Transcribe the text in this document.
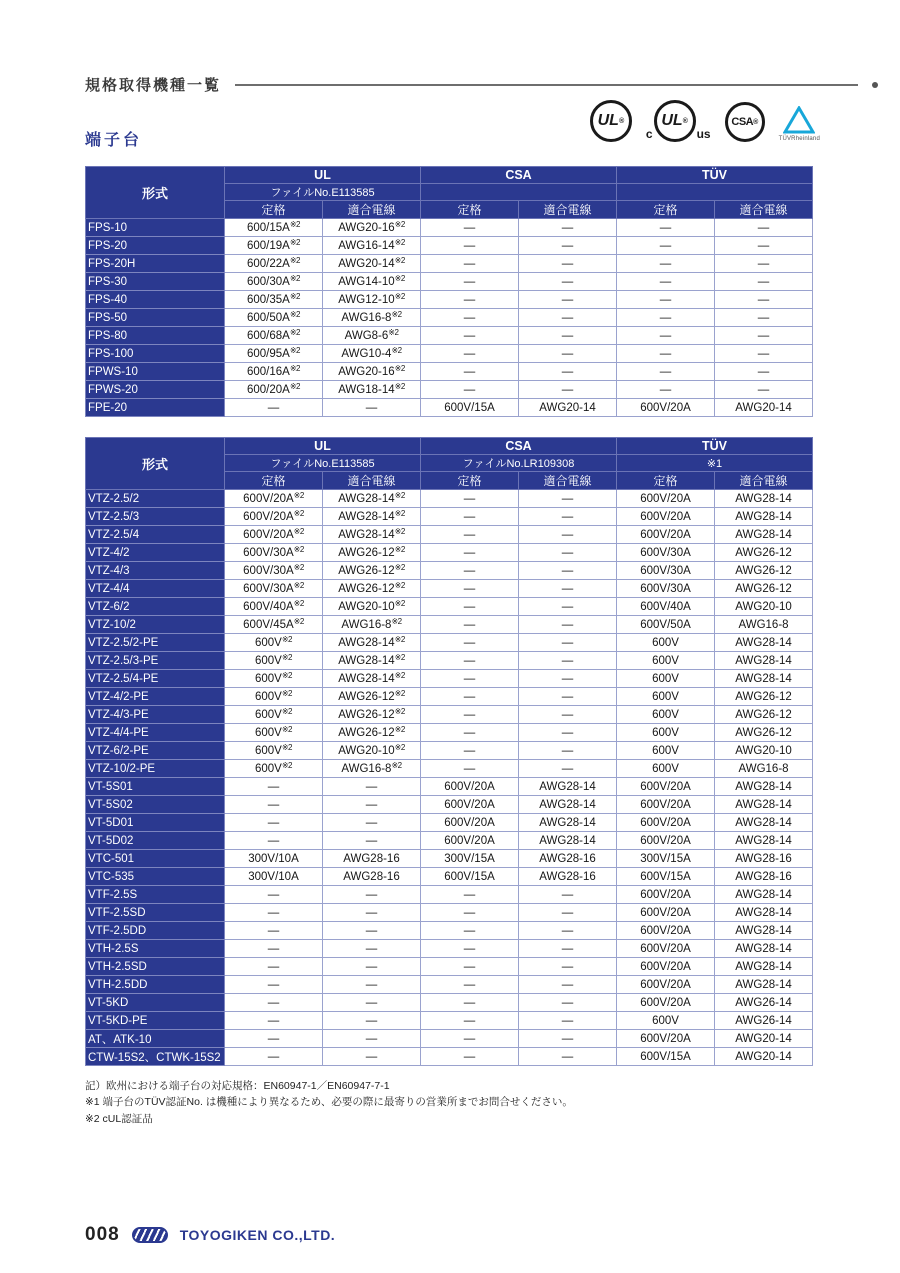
規格取得機種一覧
UL ®
c
UL ®
us
CSA ®
TÜVRheinland
端子台
形式	UL		CSA		TÜV	
	ファイルNo.E113585					
	定格	適合電線	定格	適合電線	定格	適合電線
FPS-10	$600/15A^{※2}$	AWG20-16$^{※2}$	—	—	—	—
FPS-20	$600/19A^{※2}$	AWG16-14$^{※2}$	—	—	—	—
FPS-20H	$600/22A^{※2}$	AWG20-14$^{※2}$	—	—	—	—
FPS-30	$600/30A^{※2}$	AWG14-10$^{※2}$	—	—	—	—
FPS-40	$600/35A^{※2}$	AWG12-10$^{※2}$	—	—	—	—
FPS-50	$600/50A^{※2}$	AWG16-8$^{※2}$	—	—	—	—
FPS-80	$600/68A^{※2}$	AWG8-6$^{※2}$	—	—	—	—
FPS-100	$600/95A^{※2}$	AWG10-4$^{※2}$	—	—	—	—
FPWS-10	$600/16A^{※2}$	AWG20-16$^{※2}$	—	—	—	—
FPWS-20	$600/20A^{※2}$	AWG18-14$^{※2}$	—	—	—	—
FPE-20	—	—	600V/15A	AWG20-14	600V/20A	AWG20-14
形式	UL		CSA		TÜV	
	ファイルNo.E113585		ファイルNo.LR109308		※1	
	定格	適合電線	定格	適合電線	定格	適合電線
VTZ-2.5/2	$600V/20A^{※2}$	AWG28-14$^{※2}$	—	—	600V/20A	AWG28-14
VTZ-2.5/3	$600V/20A^{※2}$	AWG28-14$^{※2}$	—	—	600V/20A	AWG28-14
VTZ-2.5/4	$600V/20A^{※2}$	AWG28-14$^{※2}$	—	—	600V/20A	AWG28-14
VTZ-4/2	$600V/30A^{※2}$	AWG26-12$^{※2}$	—	—	600V/30A	AWG26-12
VTZ-4/3	$600V/30A^{※2}$	AWG26-12$^{※2}$	—	—	600V/30A	AWG26-12
VTZ-4/4	$600V/30A^{※2}$	AWG26-12$^{※2}$	—	—	600V/30A	AWG26-12
VTZ-6/2	$600V/40A^{※2}$	AWG20-10$^{※2}$	—	—	600V/40A	AWG20-10
VTZ-10/2	$600V/45A^{※2}$	AWG16-8$^{※2}$	—	—	600V/50A	AWG16-8
VTZ-2.5/2-PE	$600V^{※2}$	AWG28-14$^{※2}$	—	—	600V	AWG28-14
VTZ-2.5/3-PE	$600V^{※2}$	AWG28-14$^{※2}$	—	—	600V	AWG28-14
VTZ-2.5/4-PE	$600V^{※2}$	AWG28-14$^{※2}$	—	—	600V	AWG28-14
VTZ-4/2-PE	$600V^{※2}$	AWG26-12$^{※2}$	—	—	600V	AWG26-12
VTZ-4/3-PE	$600V^{※2}$	AWG26-12$^{※2}$	—	—	600V	AWG26-12
VTZ-4/4-PE	$600V^{※2}$	AWG26-12$^{※2}$	—	—	600V	AWG26-12
VTZ-6/2-PE	$600V^{※2}$	AWG20-10$^{※2}$	—	—	600V	AWG20-10
VTZ-10/2-PE	$600V^{※2}$	AWG16-8$^{※2}$	—	—	600V	AWG16-8
VT-5S01	—	—	600V/20A	AWG28-14	600V/20A	AWG28-14
VT-5S02	—	—	600V/20A	AWG28-14	600V/20A	AWG28-14
VT-5D01	—	—	600V/20A	AWG28-14	600V/20A	AWG28-14
VT-5D02	—	—	600V/20A	AWG28-14	600V/20A	AWG28-14
VTC-501	300V/10A	AWG28-16	300V/15A	AWG28-16	300V/15A	AWG28-16
VTC-535	300V/10A	AWG28-16	600V/15A	AWG28-16	600V/15A	AWG28-16
VTF-2.5S	—	—	—	—	600V/20A	AWG28-14
VTF-2.5SD	—	—	—	—	600V/20A	AWG28-14
VTF-2.5DD	—	—	—	—	600V/20A	AWG28-14
VTH-2.5S	—	—	—	—	600V/20A	AWG28-14
VTH-2.5SD	—	—	—	—	600V/20A	AWG28-14
VTH-2.5DD	—	—	—	—	600V/20A	AWG28-14
VT-5KD	—	—	—	—	600V/20A	AWG26-14
VT-5KD-PE	—	—	—	—	600V	AWG26-14
AT、ATK-10	—	—	—	—	600V/20A	AWG20-14
CTW-15S2、CTWK-15S2	—	—	—	—	600V/15A	AWG20-14
記）欧州における端子台の対応規格：EN60947-1／EN60947-7-1
※1 端子台のTÜV認証No. は機種により異なるため、必要の際に最寄りの営業所までお問合せください。
※2 cUL認証品
008	TOYOGIKEN CO.,LTD.
